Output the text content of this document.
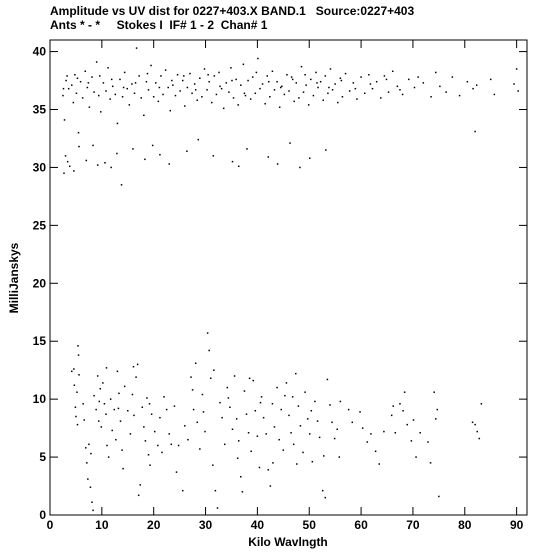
Amplitude vs UV dist for 0227+403.X BAND.1   Source:0227+403
Ants * - *     Stokes I  IF# 1 - 2  Chan# 1
0	10	20	30	40	50	60	70	80	90
0
5
10
15
20
25
30
35
40
Kilo Wavlngth
MilliJanskys
